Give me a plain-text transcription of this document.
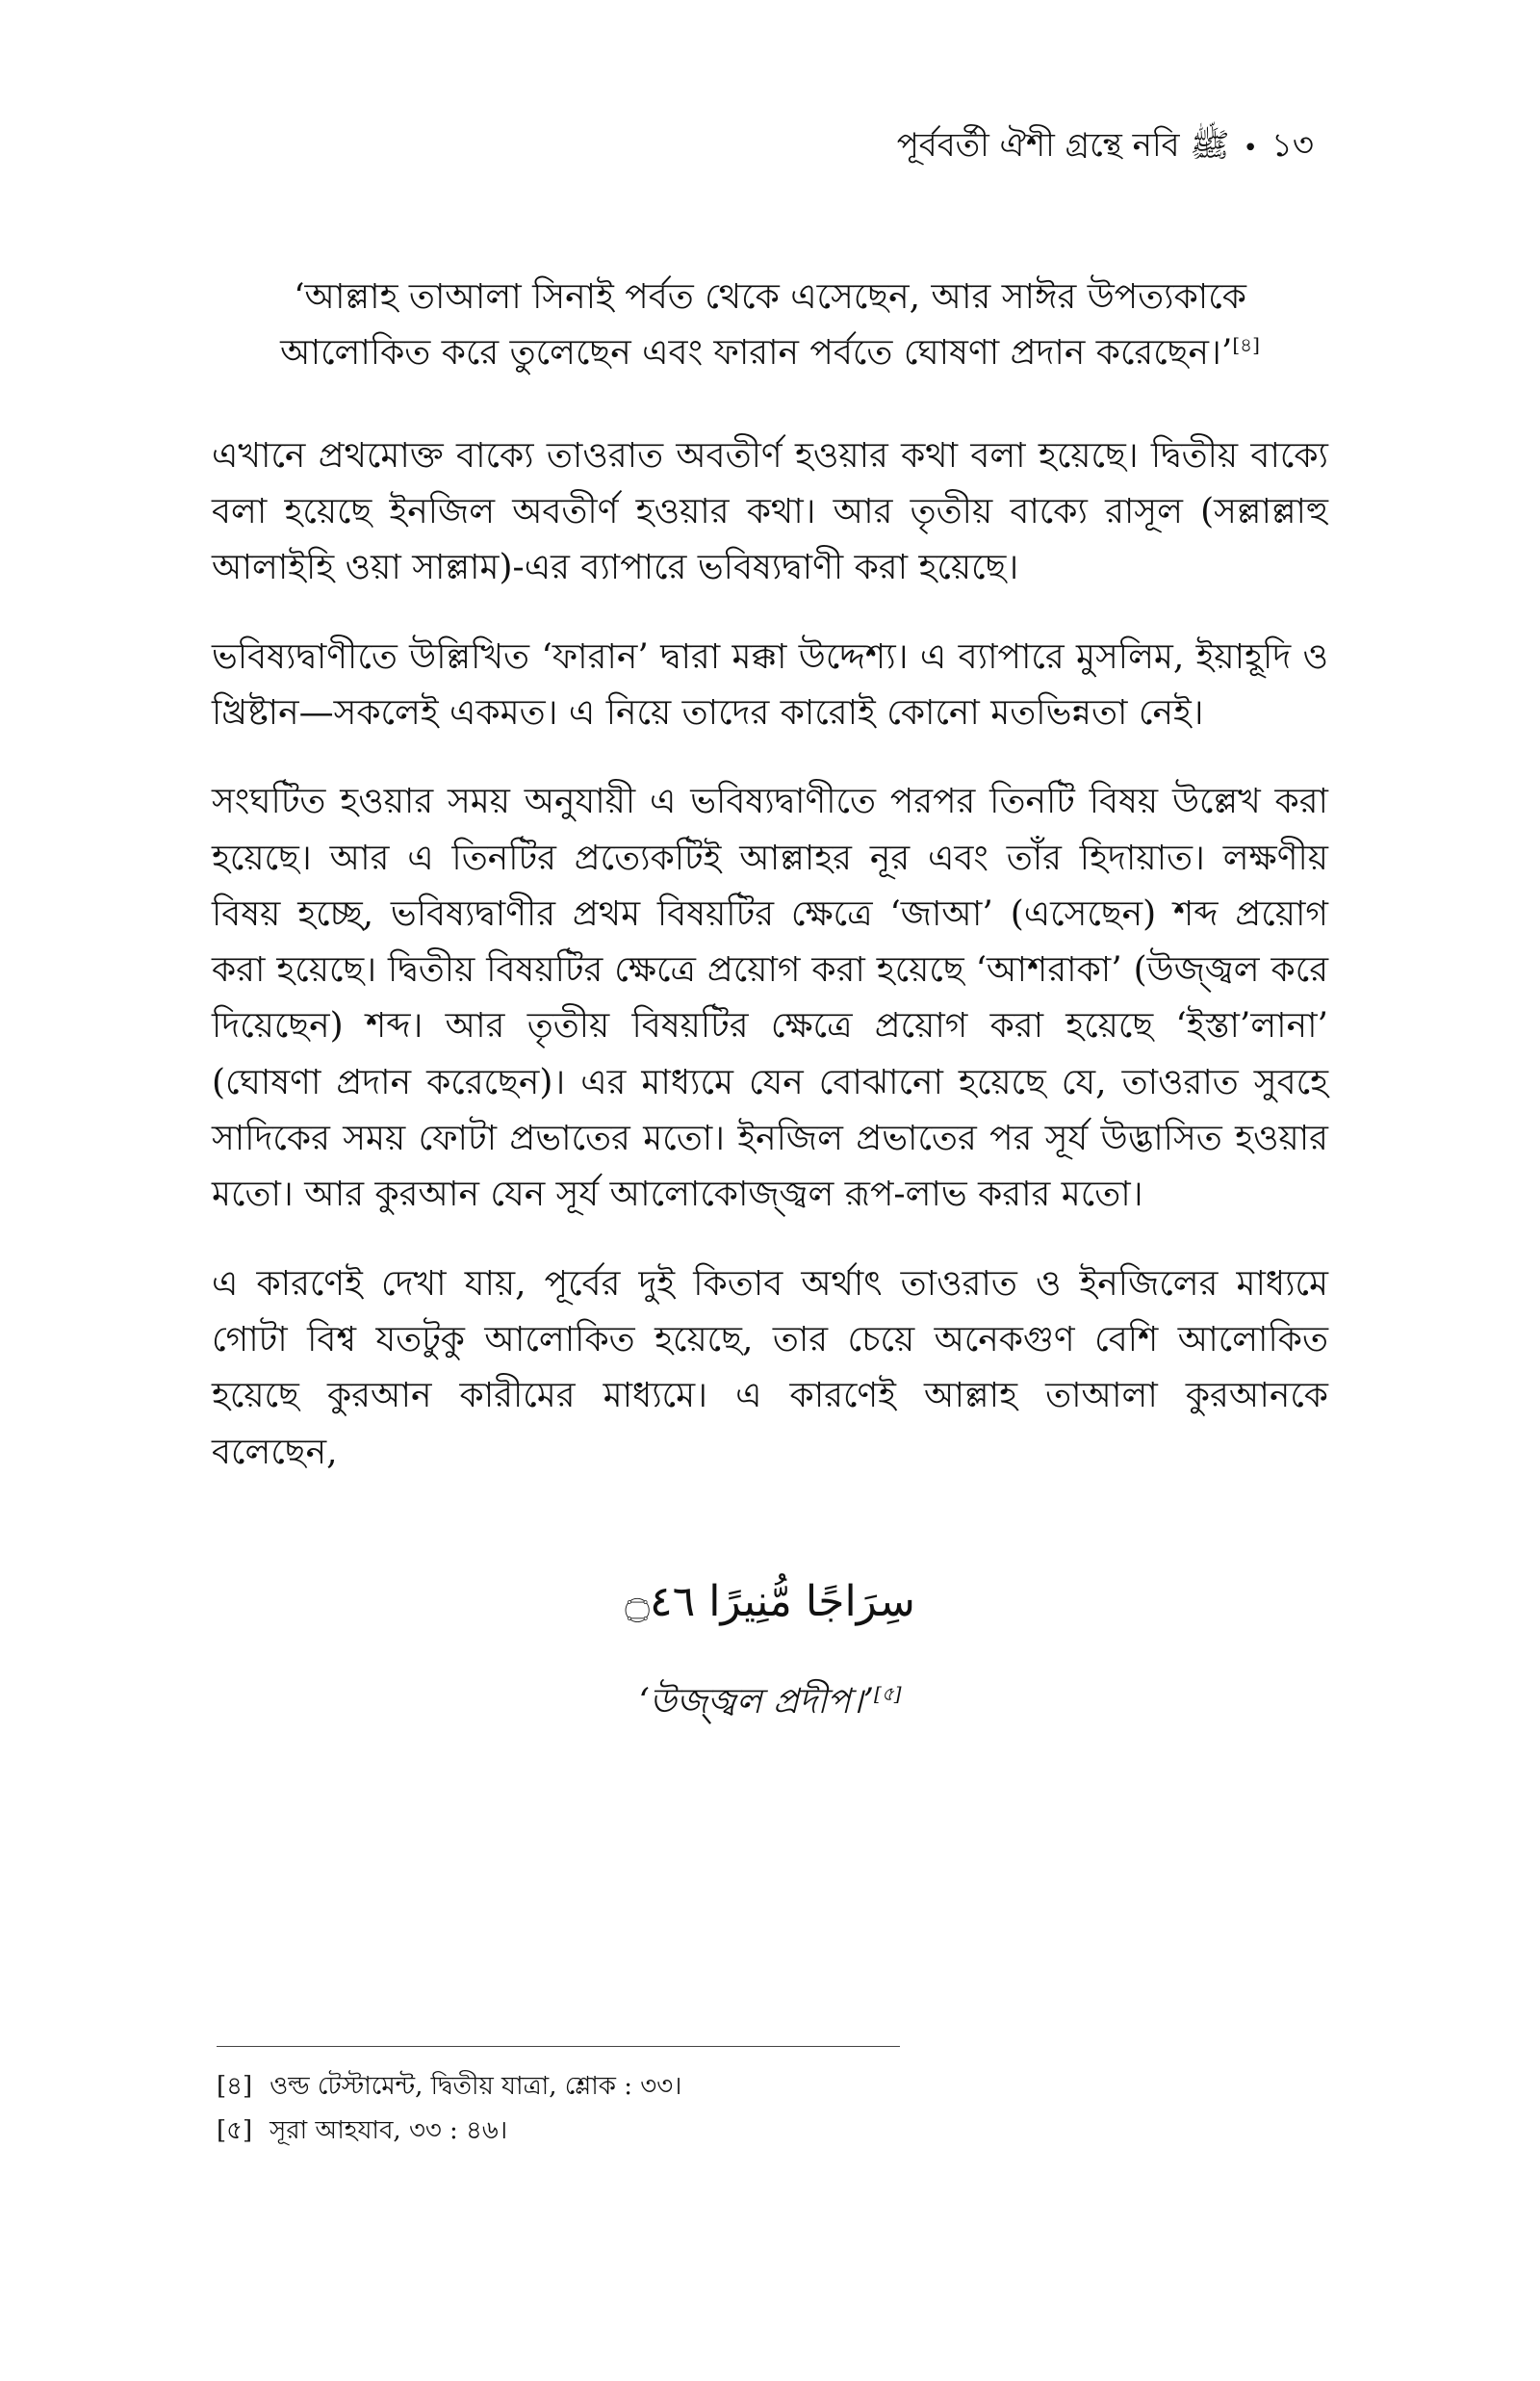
পূর্ববর্তী ঐশী গ্রন্থে নবি ﷺ • ১৩
‘আল্লাহ তাআলা সিনাই পর্বত থেকে এসেছেন, আর সাঈর উপত্যকাকে আলোকিত করে তুলেছেন এবং ফারান পর্বতে ঘোষণা প্রদান করেছেন।’[৪]

এখানে প্রথমোক্ত বাক্যে তাওরাত অবতীর্ণ হওয়ার কথা বলা হয়েছে। দ্বিতীয় বাক্যে বলা হয়েছে ইনজিল অবতীর্ণ হওয়ার কথা। আর তৃতীয় বাক্যে রাসূল (সল্লাল্লাহু আলাইহি ওয়া সাল্লাম)-এর ব্যাপারে ভবিষ্যদ্বাণী করা হয়েছে।

ভবিষ্যদ্বাণীতে উল্লিখিত ‘ফারান’ দ্বারা মক্কা উদ্দেশ্য। এ ব্যাপারে মুসলিম, ইয়াহূদি ও খ্রিষ্টান—সকলেই একমত। এ নিয়ে তাদের কারোই কোনো মতভিন্নতা নেই।

সংঘটিত হওয়ার সময় অনুযায়ী এ ভবিষ্যদ্বাণীতে পরপর তিনটি বিষয় উল্লেখ করা হয়েছে। আর এ তিনটির প্রত্যেকটিই আল্লাহর নূর এবং তাঁর হিদায়াত। লক্ষণীয় বিষয় হচ্ছে, ভবিষ্যদ্বাণীর প্রথম বিষয়টির ক্ষেত্রে ‘জাআ’ (এসেছেন) শব্দ প্রয়োগ করা হয়েছে। দ্বিতীয় বিষয়টির ক্ষেত্রে প্রয়োগ করা হয়েছে ‘আশরাকা’ (উজ্জ্বল করে দিয়েছেন) শব্দ। আর তৃতীয় বিষয়টির ক্ষেত্রে প্রয়োগ করা হয়েছে ‘ইস্তা’লানা’ (ঘোষণা প্রদান করেছেন)। এর মাধ্যমে যেন বোঝানো হয়েছে যে, তাওরাত সুবহে সাদিকের সময় ফোটা প্রভাতের মতো। ইনজিল প্রভাতের পর সূর্য উদ্ভাসিত হওয়ার মতো। আর কুরআন যেন সূর্য আলোকোজ্জ্বল রূপ-লাভ করার মতো।

এ কারণেই দেখা যায়, পূর্বের দুই কিতাব অর্থাৎ তাওরাত ও ইনজিলের মাধ্যমে গোটা বিশ্ব যতটুকু আলোকিত হয়েছে, তার চেয়ে অনেকগুণ বেশি আলোকিত হয়েছে কুরআন কারীমের মাধ্যমে। এ কারণেই আল্লাহ তাআলা কুরআনকে বলেছেন,

سِرَاجًا مُّنِيرًا ۝٤٦
‘উজ্জ্বল প্রদীপ।’[৫]
[৪] ওল্ড টেস্টামেন্ট, দ্বিতীয় যাত্রা, শ্লোক : ৩৩।
[৫] সূরা আহযাব, ৩৩ : ৪৬।
